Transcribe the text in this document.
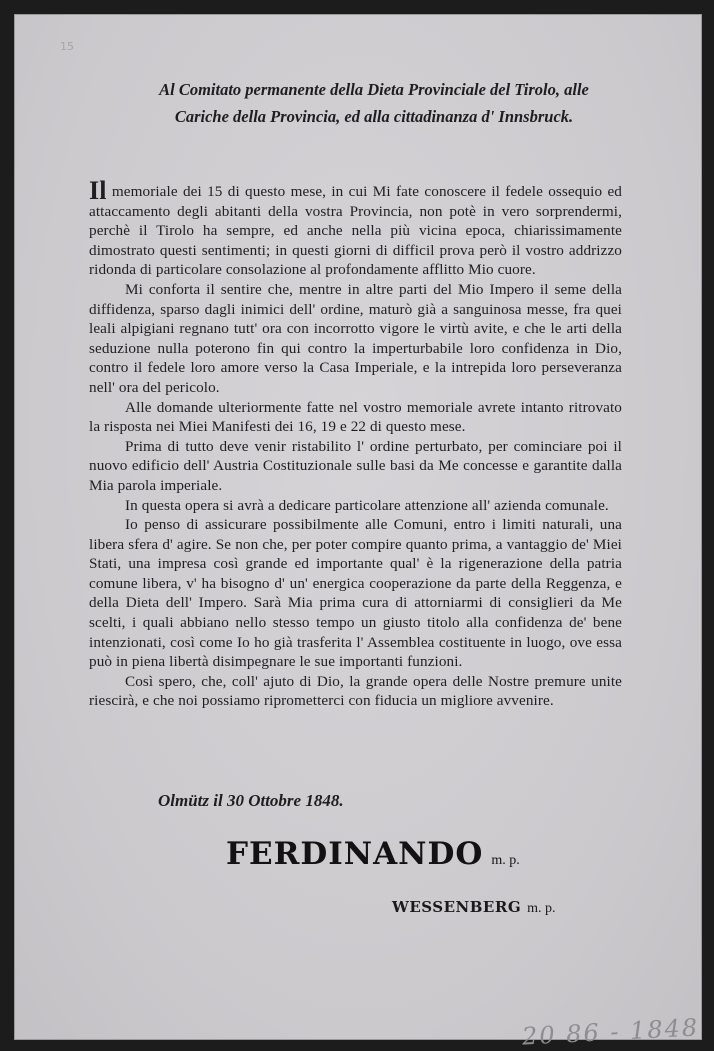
15
Al Comitato permanente della Dieta Provinciale del Tirolo, alle
Cariche della Provincia, ed alla cittadinanza d' Innsbruck.

Il memoriale dei 15 di questo mese, in cui Mi fate conoscere il fedele ossequio ed attaccamento degli abitanti della vostra Provincia, non potè in vero sorprendermi, perchè il Tirolo ha sempre, ed anche nella più vicina epoca, chiarissimamente dimostrato questi sentimenti; in questi giorni di difficil prova però il vostro addrizzo ridonda di particolare consolazione al profondamente afflitto Mio cuore.

Mi conforta il sentire che, mentre in altre parti del Mio Impero il seme della diffidenza, sparso dagli inimici dell' ordine, maturò già a sanguinosa messe, fra quei leali alpigiani regnano tutt' ora con incorrotto vigore le virtù avite, e che le arti della seduzione nulla poterono fin qui contro la imperturbabile loro confidenza in Dio, contro il fedele loro amore verso la Casa Imperiale, e la intrepida loro perseveranza nell' ora del pericolo.

Alle domande ulteriormente fatte nel vostro memoriale avrete intanto ritrovato la risposta nei Miei Manifesti dei 16, 19 e 22 di questo mese.

Prima di tutto deve venir ristabilito l' ordine perturbato, per cominciare poi il nuovo edificio dell' Austria Costituzionale sulle basi da Me concesse e garantite dalla Mia parola imperiale.

In questa opera si avrà a dedicare particolare attenzione all' azienda comunale.

Io penso di assicurare possibilmente alle Comuni, entro i limiti naturali, una libera sfera d' agire. Se non che, per poter compire quanto prima, a vantaggio de' Miei Stati, una impresa così grande ed importante qual' è la rigenerazione della patria comune libera, v' ha bisogno d' un' energica cooperazione da parte della Reggenza, e della Dieta dell' Impero. Sarà Mia prima cura di attorniarmi di consiglieri da Me scelti, i quali abbiano nello stesso tempo un giusto titolo alla confidenza de' bene intenzionati, così come Io ho già trasferita l' Assemblea costituente in luogo, ove essa può in piena libertà disimpegnare le sue importanti funzioni.

Così spero, che, coll' ajuto di Dio, la grande opera delle Nostre premure unite riescirà, e che noi possiamo riprometterci con fiducia un migliore avvenire.

Olmütz il 30 Ottobre 1848.
FERDINANDO m. p.
WESSENBERG m. p.
20 86 - 1848
